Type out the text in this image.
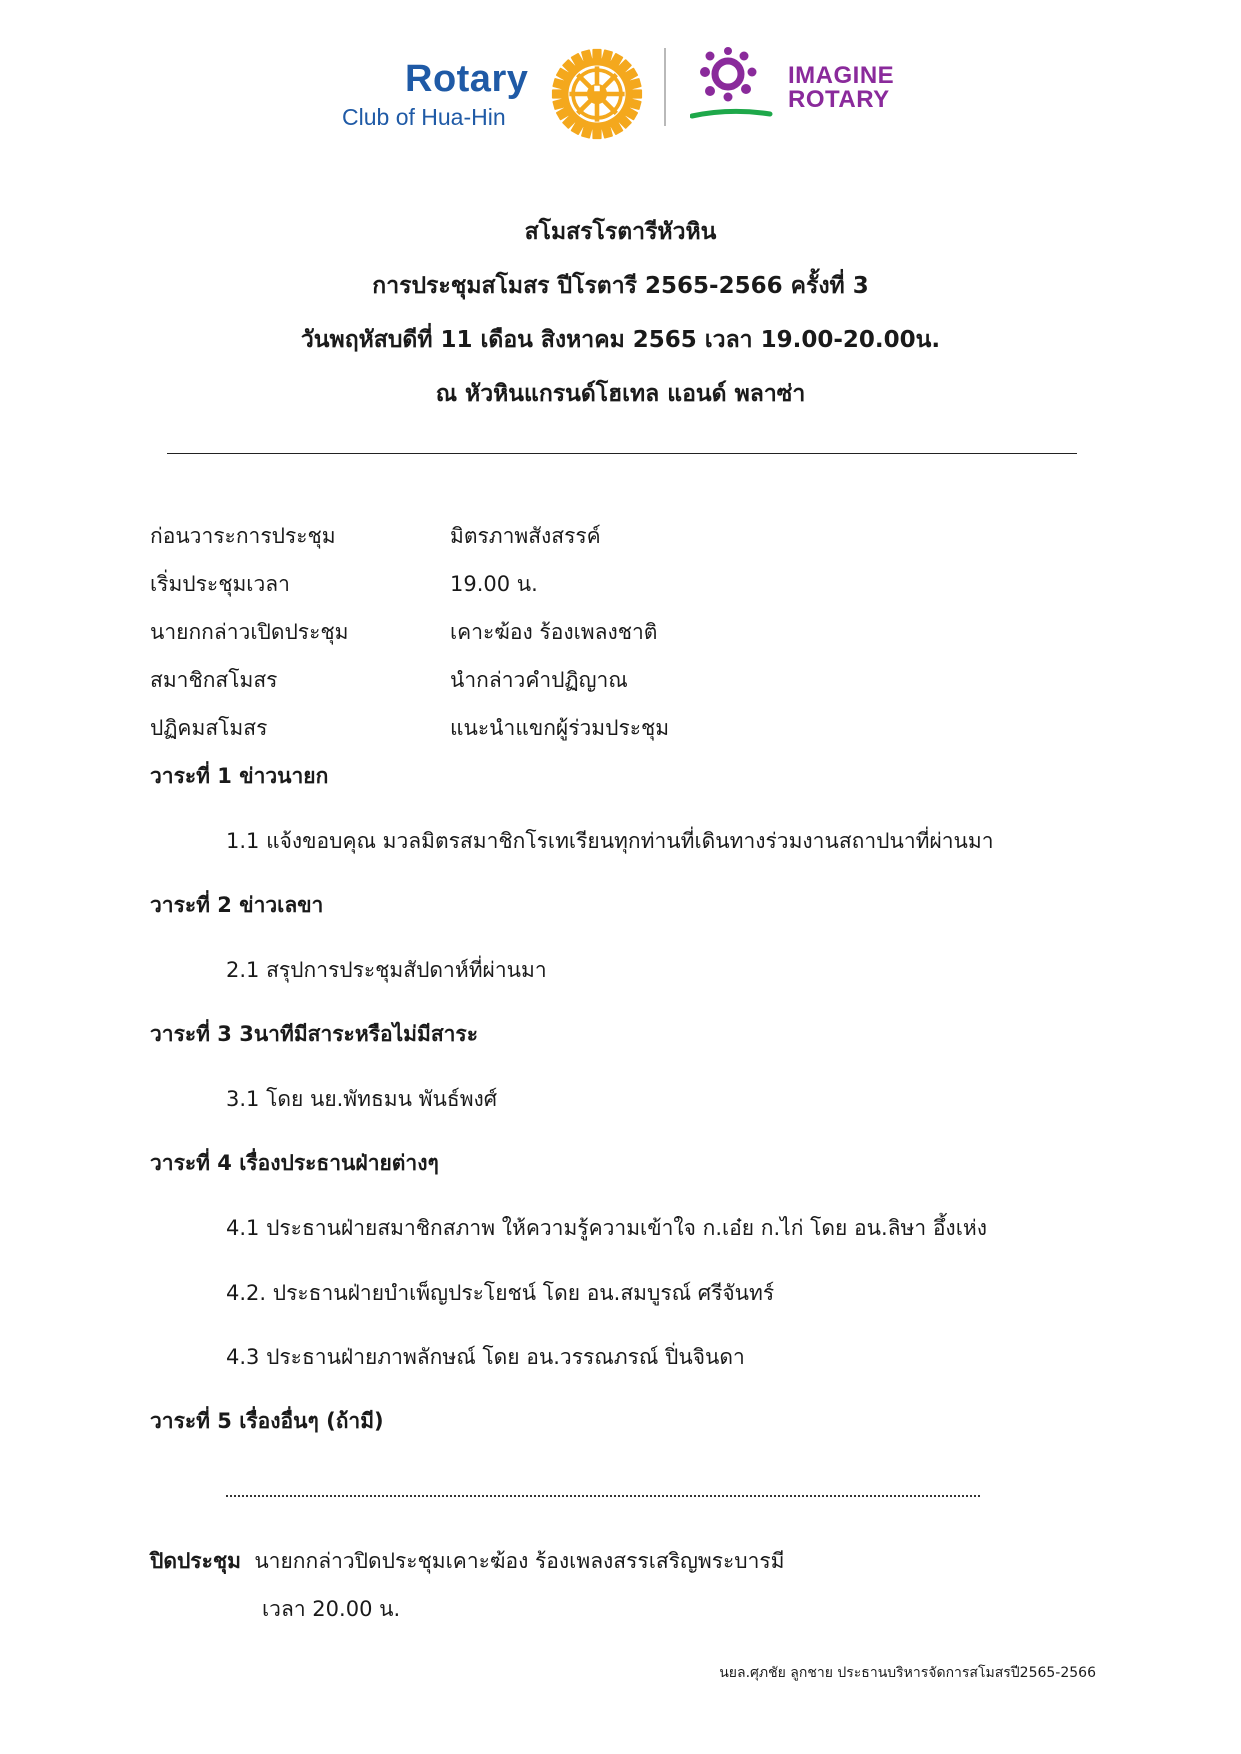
Rotary
Club of Hua-Hin
IMAGINE
ROTARY
สโมสรโรตารีหัวหิน
การประชุมสโมสร ปีโรตารี 2565-2566 ครั้งที่ 3
วันพฤหัสบดีที่ 11 เดือน สิงหาคม 2565 เวลา 19.00-20.00น.
ณ หัวหินแกรนด์โฮเทล แอนด์ พลาซ่า
ก่อนวาระการประชุม	มิตรภาพสังสรรค์
เริ่มประชุมเวลา	19.00 น.
นายกกล่าวเปิดประชุม	เคาะฆ้อง ร้องเพลงชาติ
สมาชิกสโมสร	นำกล่าวคำปฏิญาณ
ปฏิคมสโมสร	แนะนำแขกผู้ร่วมประชุม
วาระที่ 1 ข่าวนายก
1.1 แจ้งขอบคุณ มวลมิตรสมาชิกโรเทเรียนทุกท่านที่เดินทางร่วมงานสถาปนาที่ผ่านมา
วาระที่ 2 ข่าวเลขา
2.1 สรุปการประชุมสัปดาห์ที่ผ่านมา
วาระที่ 3 3นาทีมีสาระหรือไม่มีสาระ
3.1 โดย นย.พัทธมน พันธ์พงศ์
วาระที่ 4 เรื่องประธานฝ่ายต่างๆ
4.1 ประธานฝ่ายสมาชิกสภาพ ให้ความรู้ความเข้าใจ ก.เอ๋ย ก.ไก่ โดย อน.ลิษา อึ้งเห่ง
4.2. ประธานฝ่ายบำเพ็ญประโยชน์ โดย อน.สมบูรณ์ ศรีจันทร์
4.3 ประธานฝ่ายภาพลักษณ์ โดย อน.วรรณภรณ์ ปิ่นจินดา
วาระที่ 5 เรื่องอื่นๆ (ถ้ามี)
ปิดประชุม นายกกล่าวปิดประชุมเคาะฆ้อง ร้องเพลงสรรเสริญพระบารมี
เวลา 20.00 น.
นยล.ศุภชัย ลูกชาย ประธานบริหารจัดการสโมสรปี2565-2566
